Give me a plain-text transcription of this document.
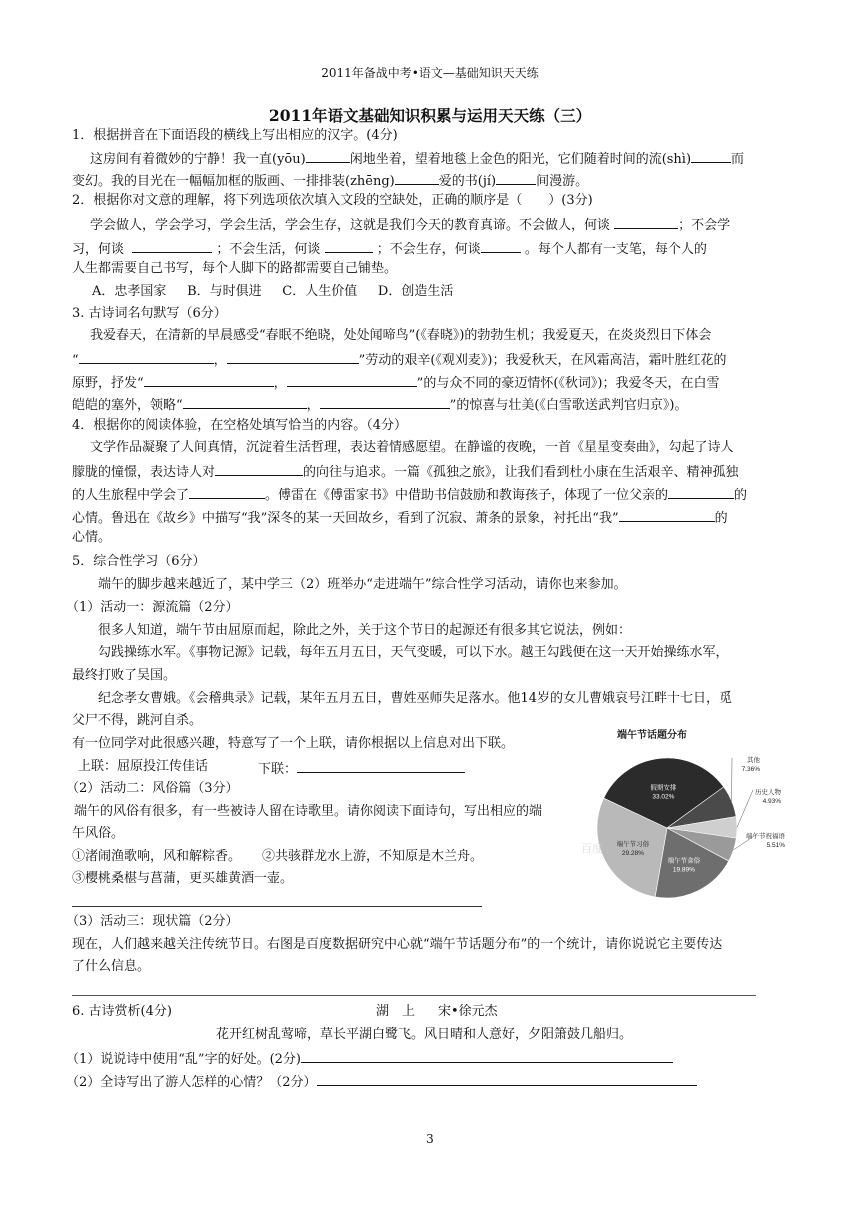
2011年备战中考•语文—基础知识天天练
2011年语文基础知识积累与运用天天练（三）
1．根据拼音在下面语段的横线上写出相应的汉字。(4分)
这房间有着微妙的宁静！我一直(yōu)	闲地坐着，望着地毯上金色的阳光，它们随着时间的流(shì)	而
变幻。我的目光在一幅幅加框的版画、一排排装(zhēng)	爱的书(jí)	间漫游。
2．根据你对文意的理解，将下列选项依次填入文段的空缺处，正确的顺序是（　　）(3分)
学会做人，学会学习，学会生活，学会生存，这就是我们今天的教育真谛。不会做人，何谈	；不会学
习，何谈	；不会生活，何谈	；不会生存，何谈	。每个人都有一支笔，每个人的
人生都需要自己书写，每个人脚下的路都需要自己铺垫。
A．忠孝国家 B．与时俱进 C．人生价值 D．创造生活
3. 古诗词名句默写（6分）
我爱春天，在清新的早晨感受“春眠不绝晓，处处闻啼鸟”(《春晓》)的勃勃生机；我爱夏天，在炎炎烈日下体会
“	，	”劳动的艰辛(《观刈麦》)；我爱秋天，在风霜高洁，霜叶胜红花的
原野，抒发“	，	”的与众不同的豪迈情怀(《秋词》)；我爱冬天，在白雪
皑皑的塞外，领略“	，	”的惊喜与壮美(《白雪歌送武判官归京》)。
4．根据你的阅读体验，在空格处填写恰当的内容。（4分）
文学作品凝聚了人间真情，沉淀着生活哲理，表达着情感愿望。在静谧的夜晚，一首《星星变奏曲》，勾起了诗人
朦胧的憧憬，表达诗人对	的向往与追求。一篇《孤独之旅》，让我们看到杜小康在生活艰辛、精神孤独
的人生旅程中学会了	。傅雷在《傅雷家书》中借助书信鼓励和教诲孩子，体现了一位父亲的	的
心情。鲁迅在《故乡》中描写“我”深冬的某一天回故乡，看到了沉寂、萧条的景象，衬托出“我”	的
心情。
5．综合性学习（6分）
端午的脚步越来越近了，某中学三（2）班举办“走进端午”综合性学习活动，请你也来参加。
（1）活动一：源流篇（2分）
很多人知道，端午节由屈原而起，除此之外，关于这个节日的起源还有很多其它说法，例如：
勾践操练水军。《事物记源》记载，每年五月五日，天气变暖，可以下水。越王勾践便在这一天开始操练水军，
最终打败了吴国。
纪念孝女曹娥。《会稽典录》记载，某年五月五日，曹姓巫师失足落水。他14岁的女儿曹娥哀号江畔十七日，觅
父尸不得，跳河自杀。
有一位同学对此很感兴趣，特意写了一个上联，请你根据以上信息对出下联。
上联：屈原投江传佳话	下联：
（2）活动二：风俗篇（3分）
端午的风俗有很多，有一些被诗人留在诗歌里。请你阅读下面诗句，写出相应的端
午风俗。
①渚闹渔歌响，风和解粽香。 ②共骇群龙水上游，不知原是木兰舟。
③樱桃桑椹与菖蒲，更买雄黄酒一壶。
（3）活动三：现状篇（2分）
现在，人们越来越关注传统节日。右图是百度数据研究中心就“端午节话题分布”的一个统计，请你说说它主要传达
了什么信息。
端午节话题分布
假期安排
33.02%
其他
7.36%
历史人物
4.93%
端午节祝福语
5.51%
端午节食俗
19.89%
端午节习俗
29.28%
百度
6. 古诗赏析(4分)	湖　上 宋•徐元杰
花开红树乱莺啼，草长平湖白鹭飞。风日晴和人意好，夕阳箫鼓几船归。
（1）说说诗中使用“乱”字的好处。(2分)
（2）全诗写出了游人怎样的心情？（2分）
3
